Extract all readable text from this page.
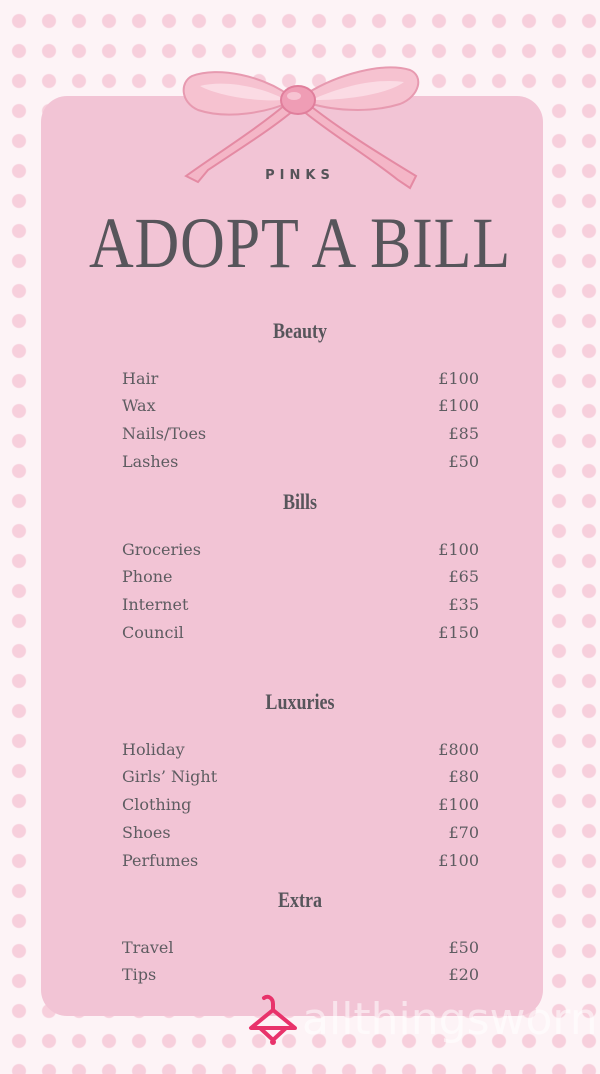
PINKS
ADOPT A BILL
Beauty
Hair	£100
Wax	£100
Nails/Toes	£85
Lashes	£50
Bills
Groceries	£100
Phone	£65
Internet	£35
Council	£150
Luxuries
Holiday	£800
Girls’ Night	£80
Clothing	£100
Shoes	£70
Perfumes	£100
Extra
Travel	£50
Tips	£20
allthingsworn
